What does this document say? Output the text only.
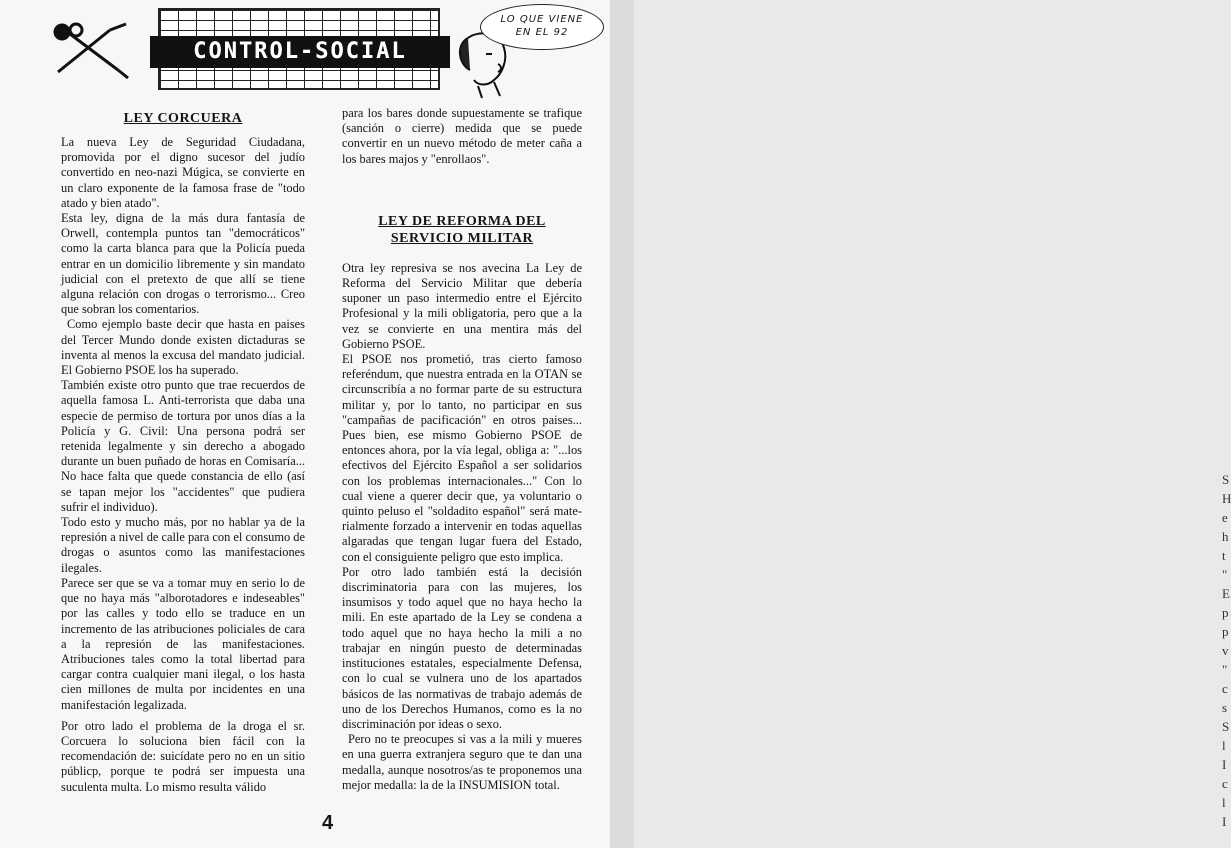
CONTROL-SOCIAL
LO QUE VIENE
EN EL 92

LEY CORCUERA

La nueva Ley de Seguridad Ciudadana, promovida por el digno sucesor del judío convertido en neo-nazi Múgica, se convierte en un claro exponente de la famosa frase de "todo atado y bien atado".

Esta ley, digna de la más dura fantasía de Orwell, contempla puntos tan "democráticos" como la carta blanca para que la Policía pueda entrar en un domicilio libremente y sin mandato judicial con el pretexto de que allí se tiene alguna relación con drogas o terrorismo... Creo que sobran los comentarios.

Como ejemplo baste decir que hasta en paises del Tercer Mundo donde existen dictaduras se inventa al menos la excusa del mandato judicial. El Gobierno PSOE los ha superado.

También existe otro punto que trae recuerdos de aquella famosa L. Anti-terrorista que daba una especie de permiso de tortura por unos días a la Policía y G. Civil: Una persona podrá ser retenida legalmente y sin derecho a abogado durante un buen puñado de horas en Comisaría... No hace falta que quede constancia de ello (así se tapan mejor los "accidentes" que pudiera sufrir el individuo).

Todo esto y mucho más, por no hablar ya de la represión a nivel de calle para con el consumo de drogas o asuntos como las manifestaciones ilegales.

Parece ser que se va a tomar muy en serio lo de que no haya más "alborotadores e indeseables" por las calles y todo ello se traduce en un incremento de las atribuciones policiales de cara a la represión de las manifestaciones. Atribuciones tales como la total libertad para cargar contra cualquier mani ilegal, o los hasta cien millones de multa por incidentes en una manifestación legalizada.

Por otro lado el problema de la droga el sr. Corcuera lo soluciona bien fácil con la recomendación de: suicídate pero no en un sitio públicp, porque te podrá ser impuesta una suculenta multa. Lo mismo resulta válido

para los bares donde supuestamente se trafique (sanción o cierre) medida que se puede convertir en un nuevo método de meter caña a los bares majos y "enrollaos".

LEY DE REFORMA DEL

SERVICIO MILITAR

Otra ley represiva se nos avecina La Ley de Reforma del Servicio Militar que debería suponer un paso intermedio entre el Ejército Profesional y la mili obligatoria, pero que a la vez se convierte en una mentira más del Gobierno PSOE.

El PSOE nos prometió, tras cierto famoso referéndum, que nuestra entrada en la OTAN se circunscribía a no formar parte de su estructura militar y, por lo tanto, no participar en sus "campañas de pacificación" en otros paises... Pues bien, ese mismo Gobierno PSOE de entonces ahora, por la vía legal, obliga a: "...los efectivos del Ejército Español a ser solidarios con los problemas internacionales..." Con lo cual viene a querer decir que, ya voluntario o quinto peluso el "soldadito español" será mate-rialmente forzado a intervenir en todas aquellas algaradas que tengan lugar fuera del Estado, con el consiguiente peligro que esto implica.

Por otro lado también está la decisión discriminatoria para con las mujeres, los insumisos y todo aquel que no haya hecho la mili. En este apartado de la Ley se condena a todo aquel que no haya hecho la mili a no trabajar en ningún puesto de determinadas instituciones estatales, especialmente Defensa, con lo cual se vulnera uno de los apartados básicos de las normativas de trabajo además de uno de los Derechos Humanos, como es la no discriminación por ideas o sexo.

Pero no te preocupes si vas a la mili y mueres en una guerra extranjera seguro que te dan una medalla, aunque nosotros/as te proponemos una mejor medalla: la de la INSUMISION total.

4
S
H
e
h
t
"
E
p
p
v
"
c
s
S
l
I
c
l
I
